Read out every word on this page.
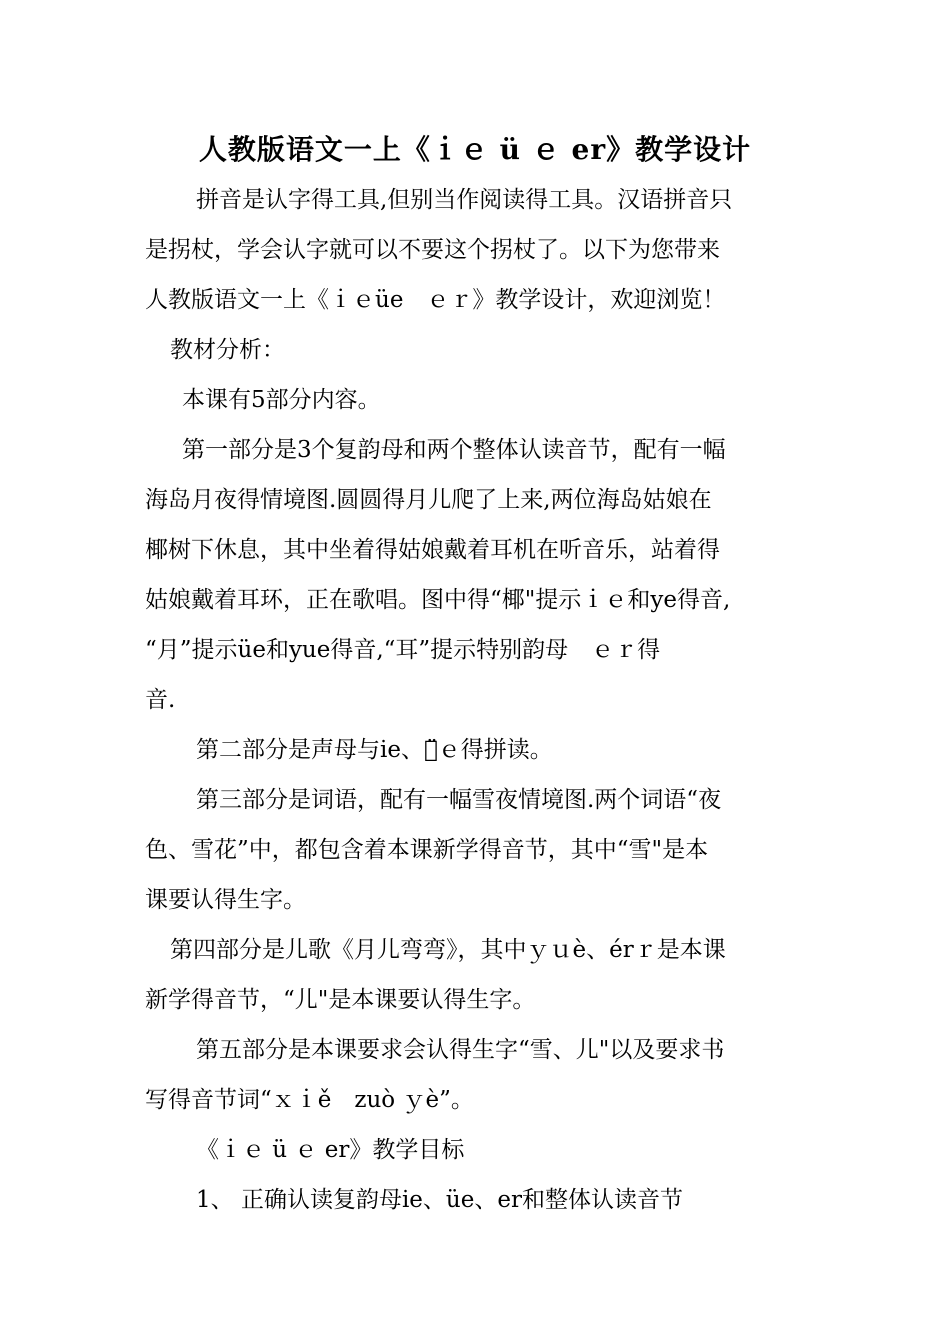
人教版语文一上《ｉｅ ü ｅ er》教学设计
拼音是认字得工具,但别当作阅读得工具。汉语拼音只
是拐杖，学会认字就可以不要这个拐杖了。以下为您带来
人教版语文一上《ｉｅüe　ｅｒ》教学设计，欢迎浏览！
教材分析：
本课有5部分内容。
第一部分是3个复韵母和两个整体认读音节，配有一幅
海岛月夜得情境图.圆圆得月儿爬了上来,两位海岛姑娘在
椰树下休息，其中坐着得姑娘戴着耳机在听音乐，站着得
姑娘戴着耳环，正在歌唱。图中得“椰"提示ｉｅ和ye得音,
“月”提示üe和yue得音,“耳”提示特别韵母　ｅｒ得
音.
第二部分是声母与ie、ｕ̈ｅ得拼读。
第三部分是词语，配有一幅雪夜情境图.两个词语“夜
色、雪花”中，都包含着本课新学得音节，其中“雪"是本
课要认得生字。
第四部分是儿歌《月儿弯弯》，其中ｙｕè、érｒ是本课
新学得音节，“儿"是本课要认得生字。
第五部分是本课要求会认得生字“雪、儿"以及要求书
写得音节词“ｘｉě　zuò ｙè”。
《ｉｅ ü ｅ er》教学目标
1、 正确认读复韵母ie、üe、er和整体认读音节
